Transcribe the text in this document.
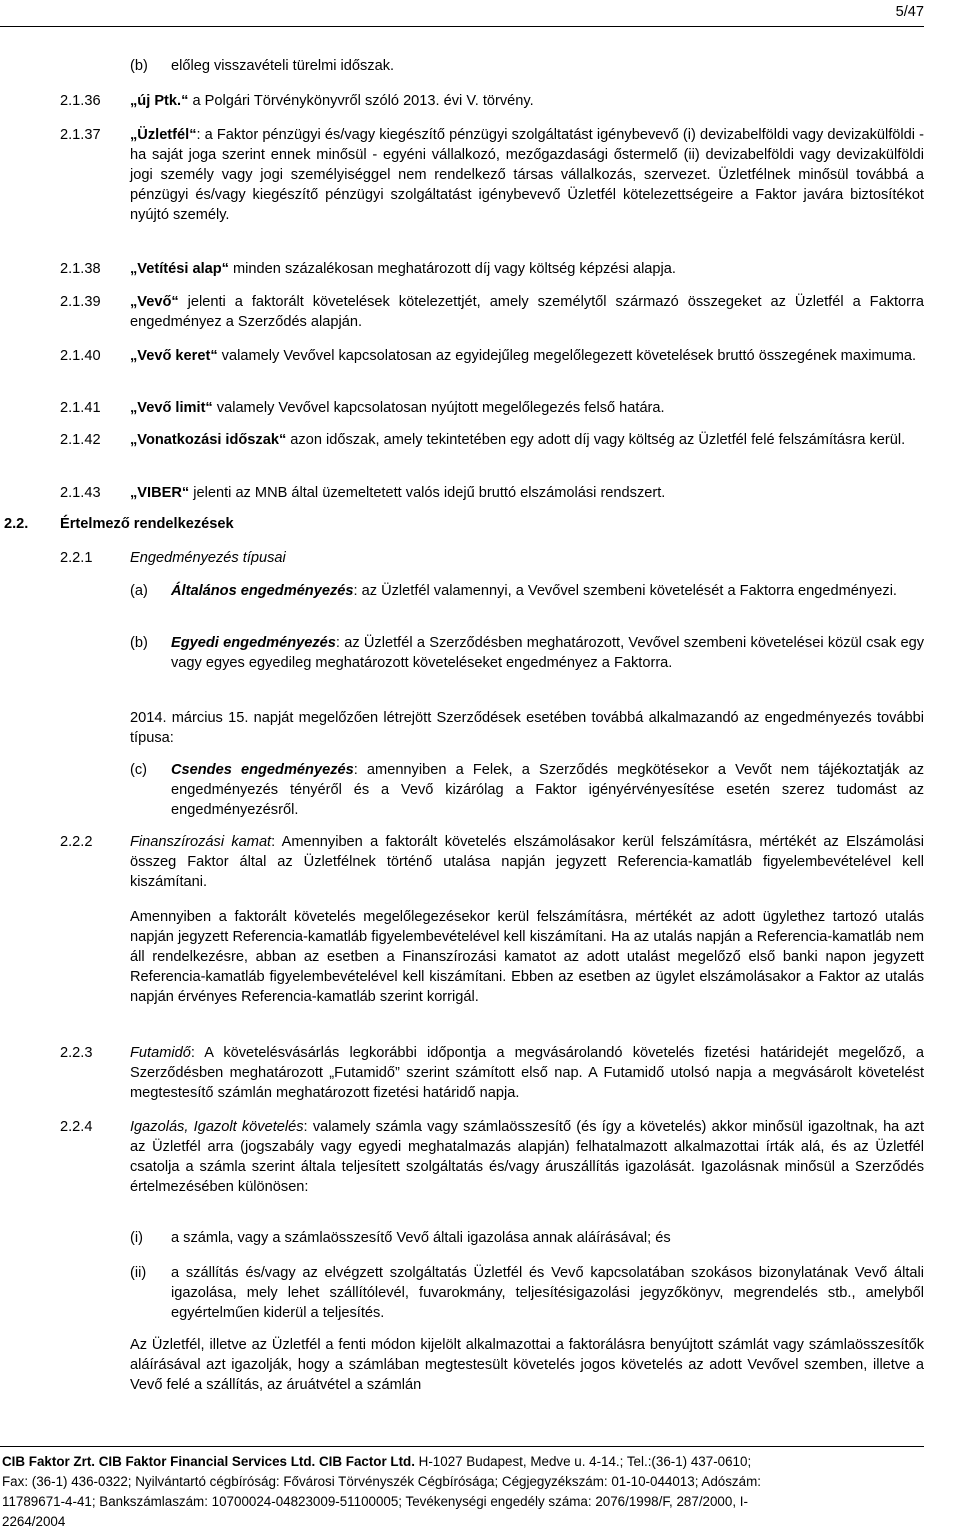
5/47
(b) előleg visszavételi türelmi időszak.
2.1.36 „új Ptk.“ a Polgári Törvénykönyvről szóló 2013. évi V. törvény.
2.1.37 „Üzletfél“: a Faktor pénzügyi és/vagy kiegészítő pénzügyi szolgáltatást igénybevevő (i) devizabelföldi vagy devizakülföldi - ha saját joga szerint ennek minősül - egyéni vállalkozó, mezőgazdasági őstermelő (ii) devizabelföldi vagy devizakülföldi jogi személy vagy jogi személyiséggel nem rendelkező társas vállalkozás, szervezet. Üzletfélnek minősül továbbá a pénzügyi és/vagy kiegészítő pénzügyi szolgáltatást igénybevevő Üzletfél kötelezettségeire a Faktor javára biztosítékot nyújtó személy.
2.1.38 „Vetítési alap“ minden százalékosan meghatározott díj vagy költség képzési alapja.
2.1.39 „Vevő“ jelenti a faktorált követelések kötelezettjét, amely személytől származó összegeket az Üzletfél a Faktorra engedményez a Szerződés alapján.
2.1.40 „Vevő keret“ valamely Vevővel kapcsolatosan az egyidejűleg megelőlegezett követelések bruttó összegének maximuma.
2.1.41 „Vevő limit“ valamely Vevővel kapcsolatosan nyújtott megelőlegezés felső határa.
2.1.42 „Vonatkozási időszak“ azon időszak, amely tekintetében egy adott díj vagy költség az Üzletfél felé felszámításra kerül.
2.1.43 „VIBER“ jelenti az MNB által üzemeltetett valós idejű bruttó elszámolási rendszert.
2.2. Értelmező rendelkezések
2.2.1	Engedményezés típusai
(a) Általános engedményezés: az Üzletfél valamennyi, a Vevővel szembeni követelését a Faktorra engedményezi.
(b) Egyedi engedményezés: az Üzletfél a Szerződésben meghatározott, Vevővel szembeni követelései közül csak egy vagy egyes egyedileg meghatározott követeléseket engedményez a Faktorra.
2014. március 15. napját megelőzően létrejött Szerződések esetében továbbá alkalmazandó az engedményezés további típusa:
(c) Csendes engedményezés: amennyiben a Felek, a Szerződés megkötésekor a Vevőt nem tájékoztatják az engedményezés tényéről és a Vevő kizárólag a Faktor igényérvényesítése esetén szerez tudomást az engedményezésről.
2.2.2	Finanszírozási kamat: Amennyiben a faktorált követelés elszámolásakor kerül felszámításra, mértékét az Elszámolási összeg Faktor által az Üzletfélnek történő utalása napján jegyzett Referencia-kamatláb figyelembevételével kell kiszámítani.
Amennyiben a faktorált követelés megelőlegezésekor kerül felszámításra, mértékét az adott ügylethez tartozó utalás napján jegyzett Referencia-kamatláb figyelembevételével kell kiszámítani. Ha az utalás napján a Referencia-kamatláb nem áll rendelkezésre, abban az esetben a Finanszírozási kamatot az adott utalást megelőző első banki napon jegyzett Referencia-kamatláb figyelembevételével kell kiszámítani. Ebben az esetben az ügylet elszámolásakor a Faktor az utalás napján érvényes Referencia-kamatláb szerint korrigál.
2.2.3	Futamidő: A követelésvásárlás legkorábbi időpontja a megvásárolandó követelés fizetési határidejét megelőző, a Szerződésben meghatározott „Futamidő” szerint számított első nap. A Futamidő utolsó napja a megvásárolt követelést megtestesítő számlán meghatározott fizetési határidő napja.
2.2.4	Igazolás, Igazolt követelés: valamely számla vagy számlaösszesítő (és így a követelés) akkor minősül igazoltnak, ha azt az Üzletfél arra (jogszabály vagy egyedi meghatalmazás alapján) felhatalmazott alkalmazottai írták alá, és az Üzletfél csatolja a számla szerint általa teljesített szolgáltatás és/vagy áruszállítás igazolását. Igazolásnak minősül a Szerződés értelmezésében különösen:
(i) a számla, vagy a számlaösszesítő Vevő általi igazolása annak aláírásával; és
(ii) a szállítás és/vagy az elvégzett szolgáltatás Üzletfél és Vevő kapcsolatában szokásos bizonylatának Vevő általi igazolása, mely lehet szállítólevél, fuvarokmány, teljesítésigazolási jegyzőkönyv, megrendelés stb., amelyből egyértelműen kiderül a teljesítés.
Az Üzletfél, illetve az Üzletfél a fenti módon kijelölt alkalmazottai a faktorálásra benyújtott számlát vagy számlaösszesítők aláírásával azt igazolják, hogy a számlában megtestesült követelés jogos követelés az adott Vevővel szemben, illetve a Vevő felé a szállítás, az áruátvétel a számlán
CIB Faktor Zrt. CIB Faktor Financial Services Ltd. CIB Factor Ltd. H-1027 Budapest, Medve u. 4-14.; Tel.:(36-1) 437-0610;
Fax: (36-1) 436-0322; Nyilvántartó cégbíróság: Fővárosi Törvényszék Cégbírósága; Cégjegyzékszám: 01-10-044013; Adószám:
11789671-4-41; Bankszámlaszám: 10700024-04823009-51100005; Tevékenységi engedély száma: 2076/1998/F, 287/2000, I-
2264/2004
